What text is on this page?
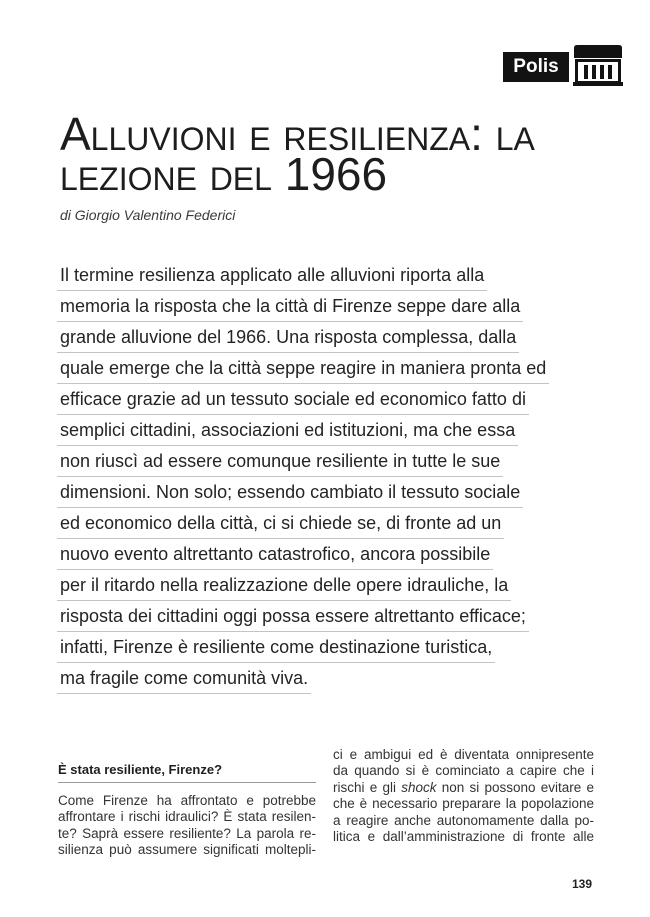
Polis
Alluvioni e resilienza: la lezione del 1966

di Giorgio Valentino Federici

Il termine resilienza applicato alle alluvioni riporta alla
memoria la risposta che la città di Firenze seppe dare alla
grande alluvione del 1966. Una risposta complessa, dalla
quale emerge che la città seppe reagire in maniera pronta ed
efficace grazie ad un tessuto sociale ed economico fatto di
semplici cittadini, associazioni ed istituzioni, ma che essa
non riuscì ad essere comunque resiliente in tutte le sue
dimensioni. Non solo; essendo cambiato il tessuto sociale
ed economico della città, ci si chiede se, di fronte ad un
nuovo evento altrettanto catastrofico, ancora possibile
per il ritardo nella realizzazione delle opere idrauliche, la
risposta dei cittadini oggi possa essere altrettanto efficace;
infatti, Firenze è resiliente come destinazione turistica,
ma fragile come comunità viva.
È stata resiliente, Firenze?
Come Firenze ha affrontato e potrebbe
affrontare i rischi idraulici? È stata resilen-
te? Saprà essere resiliente? La parola re-
silienza può assumere significati moltepli-
ci e ambigui ed è diventata onnipresente
da quando si è cominciato a capire che i
rischi e gli shock non si possono evitare e
che è necessario preparare la popolazione
a reagire anche autonomamente dalla po-
litica e dall’amministrazione di fronte alle
139
